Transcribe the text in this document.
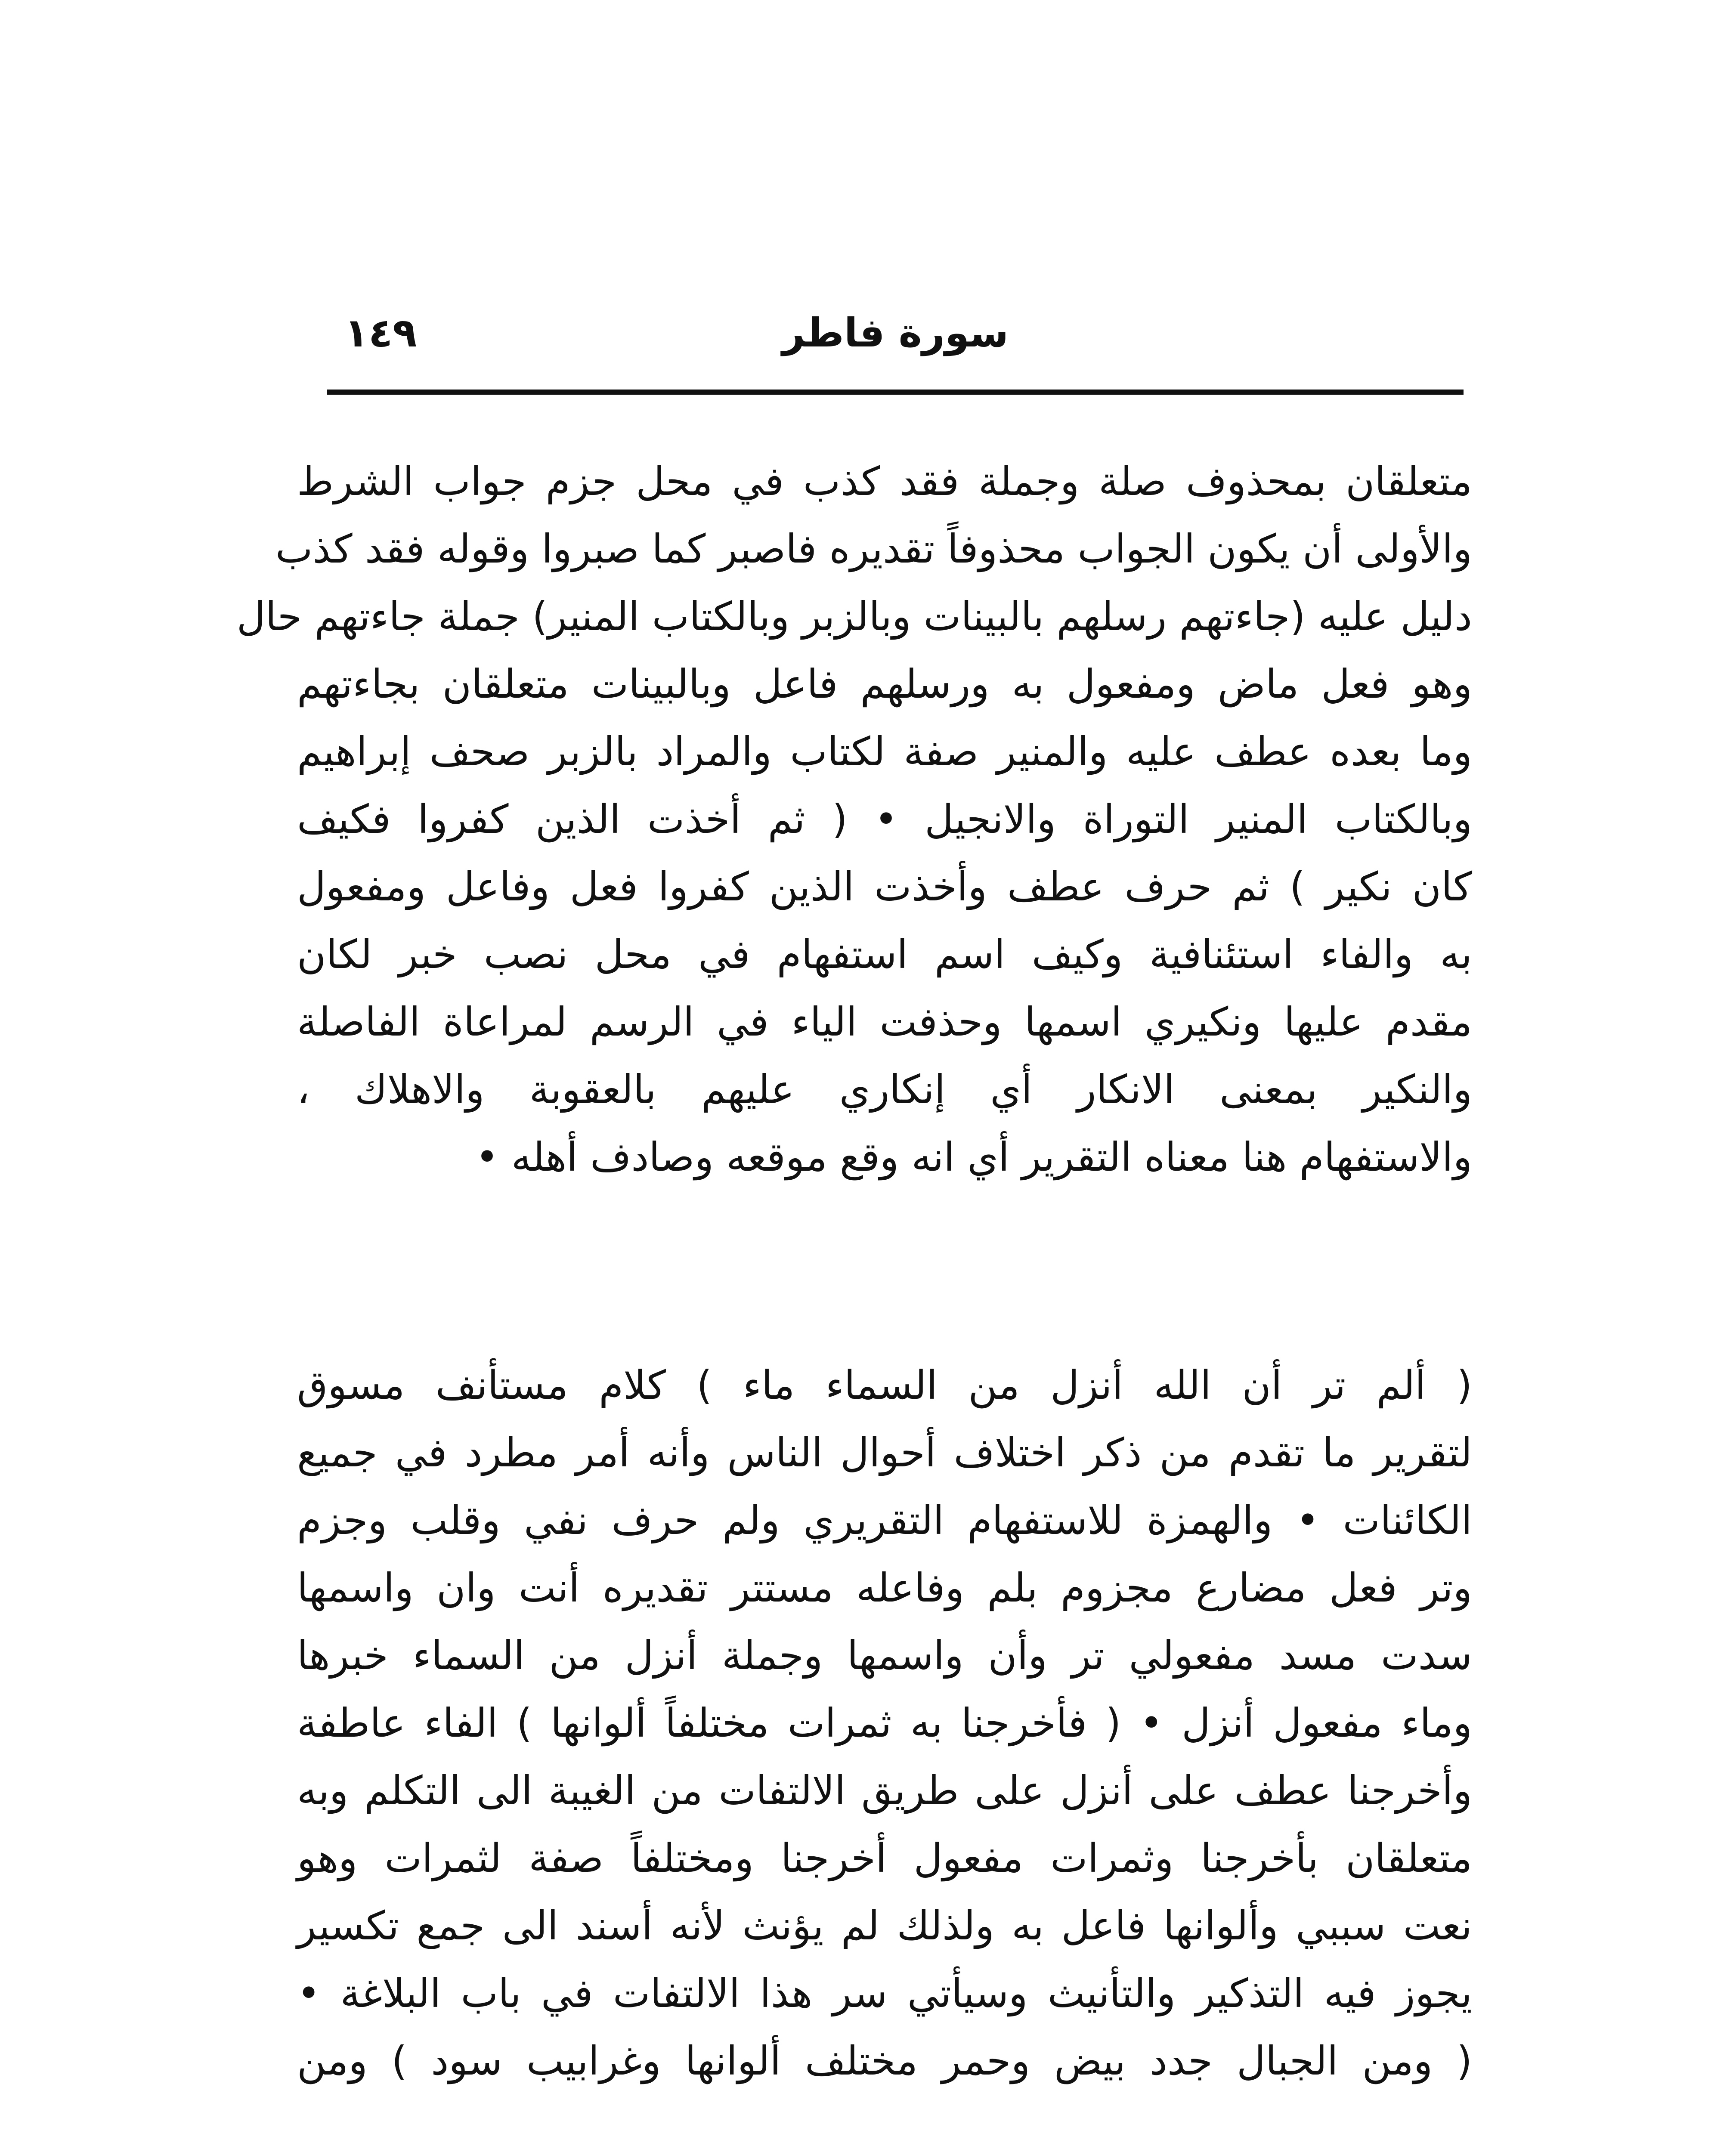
سورة فاطر
١٤٩
متعلقان بمحذوف صلة وجملة فقد كذب في محل جزم جواب الشرط
والأولى أن يكون الجواب محذوفاً تقديره فاصبر كما صبروا وقوله فقد كذب
دليل عليه (جاءتهم رسلهم بالبينات وبالزبر وبالكتاب المنير) جملة جاءتهم حال
وهو فعل ماض ومفعول به ورسلهم فاعل وبالبينات متعلقان بجاءتهم
وما بعده عطف عليه والمنير صفة لكتاب والمراد بالزبر صحف إبراهيم
وبالكتاب المنير التوراة والانجيل • ( ثم أخذت الذين كفروا فكيف
كان نكير ) ثم حرف عطف وأخذت الذين كفروا فعل وفاعل ومفعول
به والفاء استئنافية وكيف اسم استفهام في محل نصب خبر لكان
مقدم عليها ونكيري اسمها وحذفت الياء في الرسم لمراعاة الفاصلة
والنكير بمعنى الانكار أي إنكاري عليهم بالعقوبة والاهلاك ،
والاستفهام هنا معناه التقرير أي انه وقع موقعه وصادف أهله •
( ألم تر أن الله أنزل من السماء ماء ) كلام مستأنف مسوق
لتقرير ما تقدم من ذكر اختلاف أحوال الناس وأنه أمر مطرد في جميع
الكائنات • والهمزة للاستفهام التقريري ولم حرف نفي وقلب وجزم
وتر فعل مضارع مجزوم بلم وفاعله مستتر تقديره أنت وان واسمها
سدت مسد مفعولي تر وأن واسمها وجملة أنزل من السماء خبرها
وماء مفعول أنزل • ( فأخرجنا به ثمرات مختلفاً ألوانها ) الفاء عاطفة
وأخرجنا عطف على أنزل على طريق الالتفات من الغيبة الى التكلم وبه
متعلقان بأخرجنا وثمرات مفعول أخرجنا ومختلفاً صفة لثمرات وهو
نعت سببي وألوانها فاعل به ولذلك لم يؤنث لأنه أسند الى جمع تكسير
يجوز فيه التذكير والتأنيث وسيأتي سر هذا الالتفات في باب البلاغة •
( ومن الجبال جدد بيض وحمر مختلف ألوانها وغرابيب سود ) ومن
